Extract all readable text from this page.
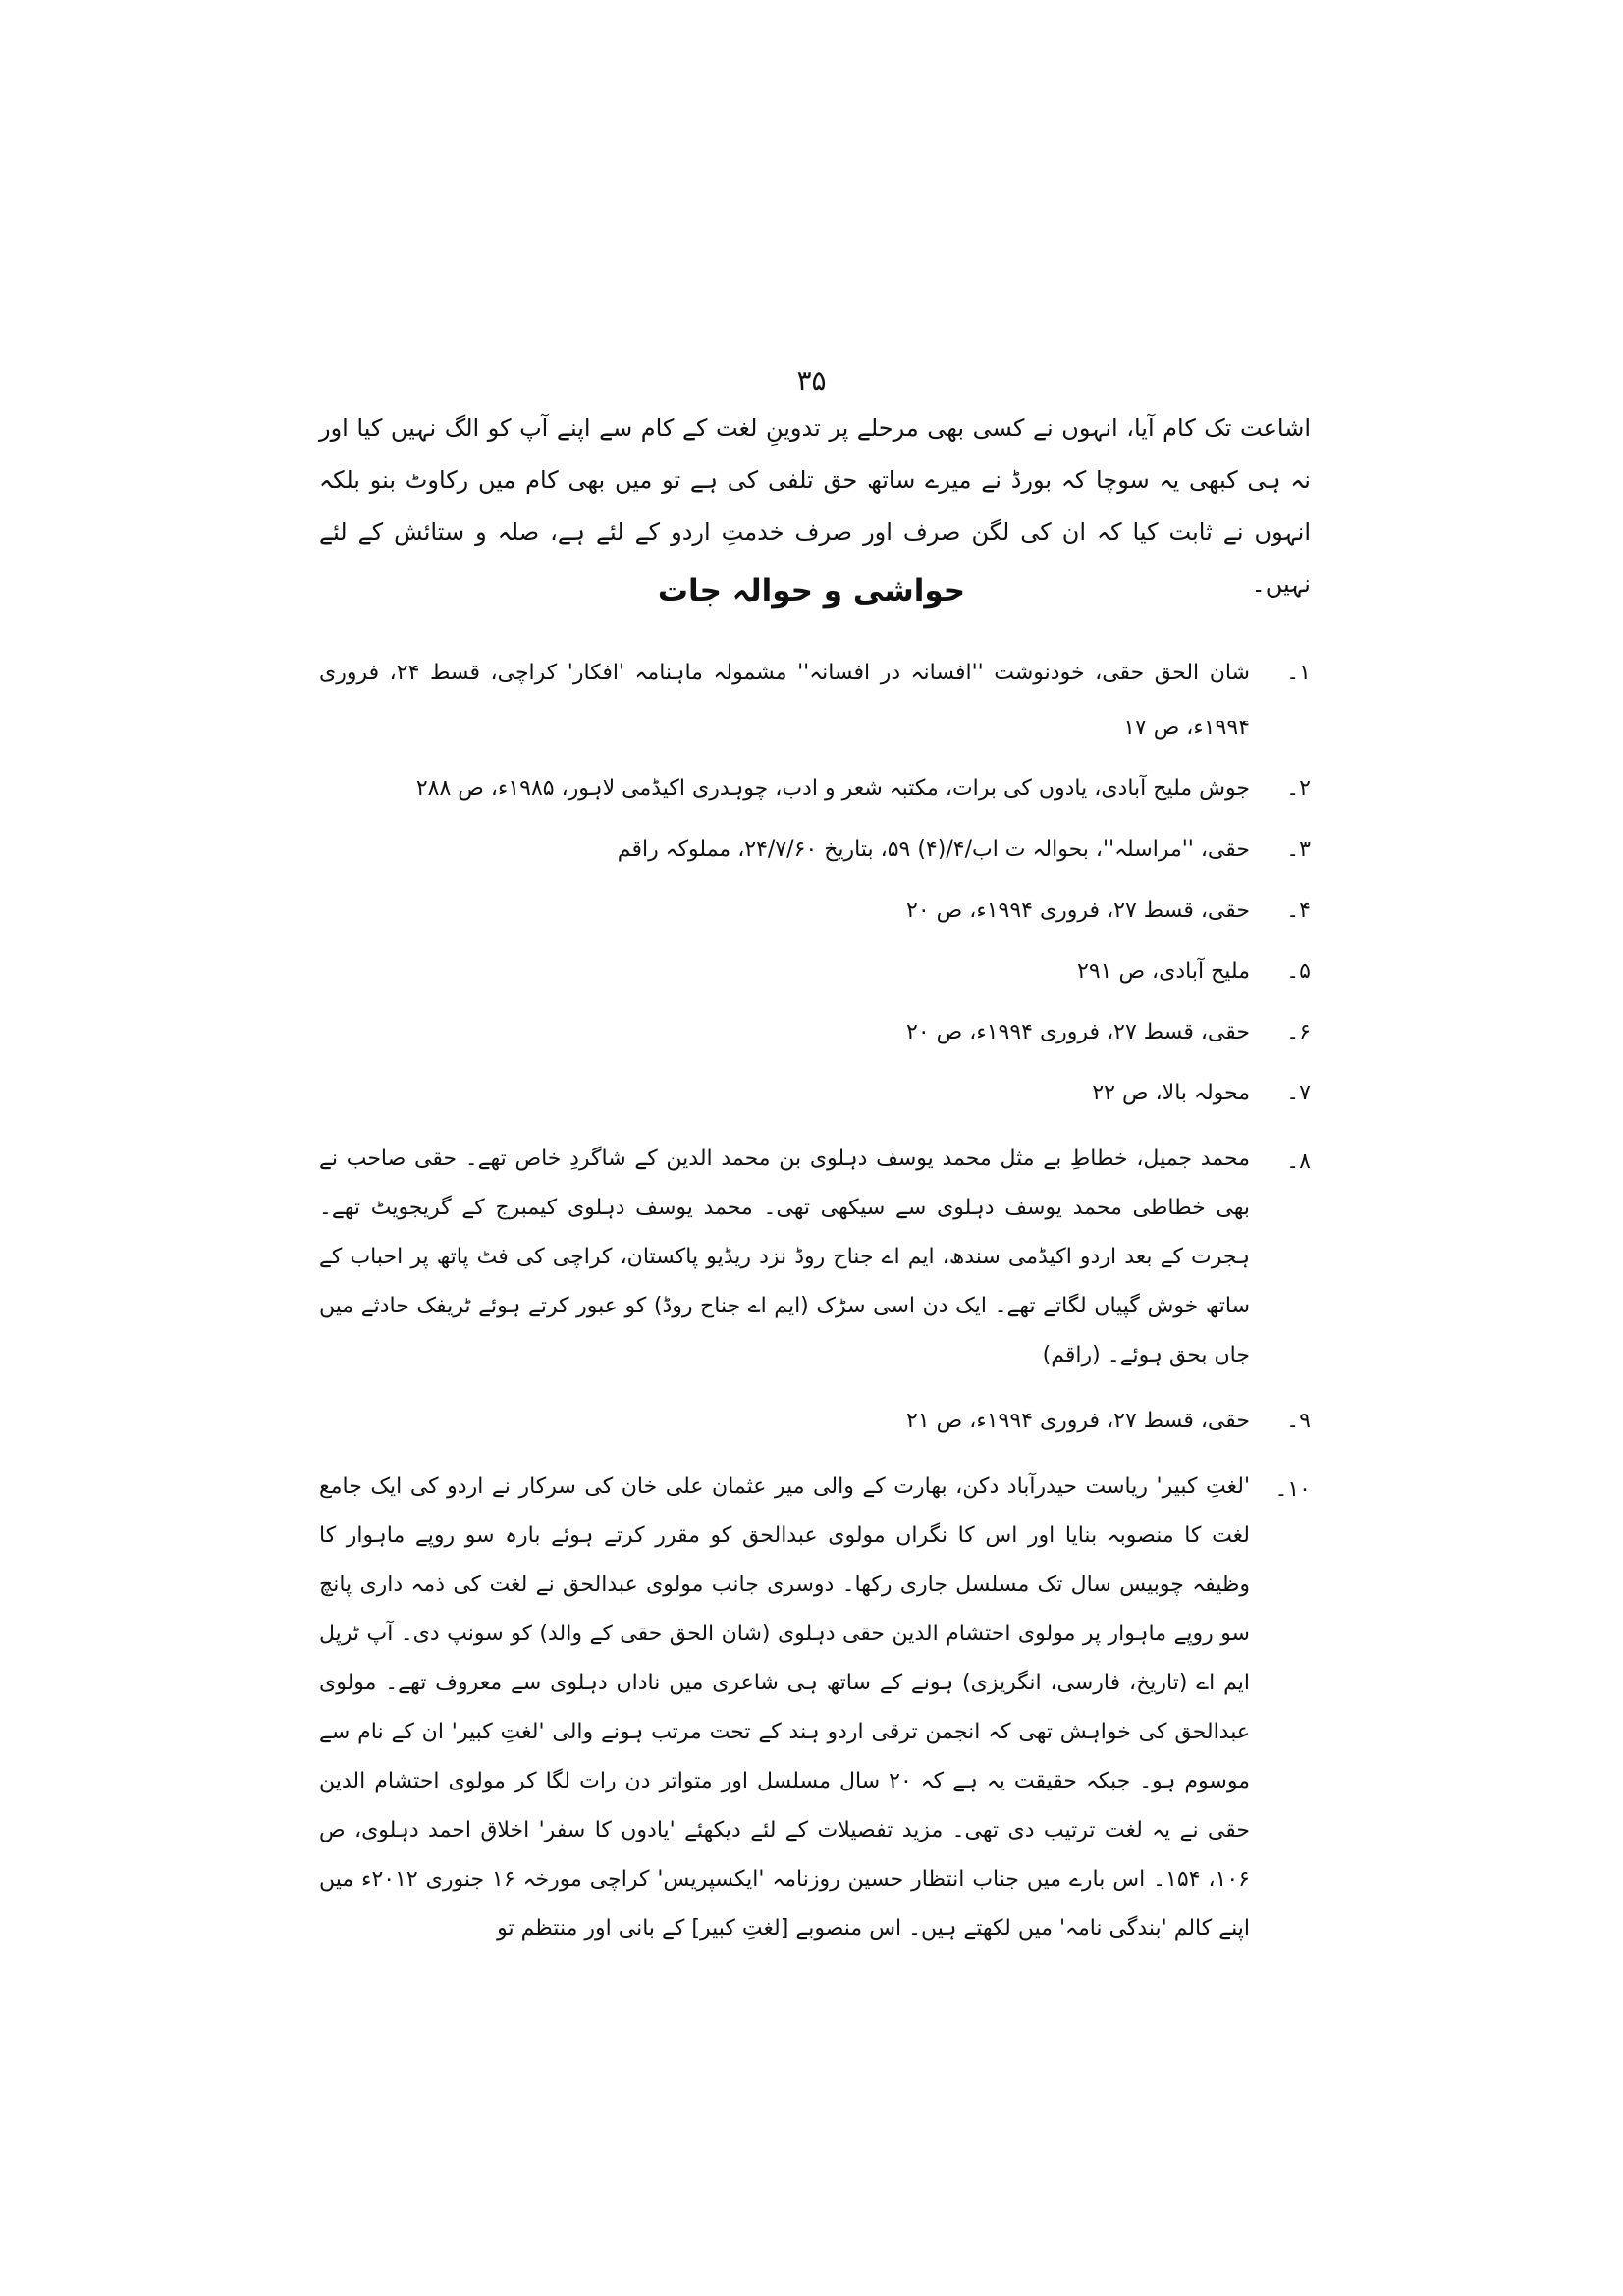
۳۵

اشاعت تک کام آیا، انہوں نے کسی بھی مرحلے پر تدوینِ لغت کے کام سے اپنے آپ کو الگ نہیں کیا اور نہ ہی کبھی یہ سوچا کہ بورڈ نے میرے ساتھ حق تلفی کی ہے تو میں بھی کام میں رکاوٹ بنو بلکہ انہوں نے ثابت کیا کہ ان کی لگن صرف اور صرف خدمتِ اردو کے لئے ہے، صلہ و ستائش کے لئے نہیں۔

حواشی و حوالہ جات
۱۔
شان الحق حقی، خودنوشت ''افسانہ در افسانہ'' مشمولہ ماہنامہ 'افکار' کراچی، قسط ۲۴، فروری ۱۹۹۴ء، ص ۱۷
۲۔
جوش ملیح آبادی، یادوں کی برات، مکتبہ شعر و ادب، چوہدری اکیڈمی لاہور، ۱۹۸۵ء، ص ۲۸۸
۳۔
حقی، ''مراسلہ''، بحوالہ ت اب/۴/(۴) ۵۹، بتاریخ ۲۴/۷/۶۰، مملوکہ راقم
۴۔
حقی، قسط ۲۷، فروری ۱۹۹۴ء، ص ۲۰
۵۔
ملیح آبادی، ص ۲۹۱
۶۔
حقی، قسط ۲۷، فروری ۱۹۹۴ء، ص ۲۰
۷۔
محولہ بالا، ص ۲۲
۸۔
محمد جمیل، خطاطِ بے مثل محمد یوسف دہلوی بن محمد الدین کے شاگردِ خاص تھے۔ حقی صاحب نے بھی خطاطی محمد یوسف دہلوی سے سیکھی تھی۔ محمد یوسف دہلوی کیمبرج کے گریجویٹ تھے۔ ہجرت کے بعد اردو اکیڈمی سندھ، ایم اے جناح روڈ نزد ریڈیو پاکستان، کراچی کی فٹ پاتھ پر احباب کے ساتھ خوش گپیاں لگاتے تھے۔ ایک دن اسی سڑک (ایم اے جناح روڈ) کو عبور کرتے ہوئے ٹریفک حادثے میں جاں بحق ہوئے۔ (راقم)
۹۔
حقی، قسط ۲۷، فروری ۱۹۹۴ء، ص ۲۱
۱۰۔
'لغتِ کبیر' ریاست حیدرآباد دکن، بھارت کے والی میر عثمان علی خان کی سرکار نے اردو کی ایک جامع لغت کا منصوبہ بنایا اور اس کا نگراں مولوی عبدالحق کو مقرر کرتے ہوئے بارہ سو روپے ماہوار کا وظیفہ چوبیس سال تک مسلسل جاری رکھا۔ دوسری جانب مولوی عبدالحق نے لغت کی ذمہ داری پانچ سو روپے ماہوار پر مولوی احتشام الدین حقی دہلوی (شان الحق حقی کے والد) کو سونپ دی۔ آپ ٹرپل ایم اے (تاریخ، فارسی، انگریزی) ہونے کے ساتھ ہی شاعری میں ناداں دہلوی سے معروف تھے۔ مولوی عبدالحق کی خواہش تھی کہ انجمن ترقی اردو ہند کے تحت مرتب ہونے والی 'لغتِ کبیر' ان کے نام سے موسوم ہو۔ جبکہ حقیقت یہ ہے کہ ۲۰ سال مسلسل اور متواتر دن رات لگا کر مولوی احتشام الدین حقی نے یہ لغت ترتیب دی تھی۔ مزید تفصیلات کے لئے دیکھئے 'یادوں کا سفر' اخلاق احمد دہلوی، ص ۱۰۶، ۱۵۴۔ اس بارے میں جناب انتظار حسین روزنامہ 'ایکسپریس' کراچی مورخہ ۱۶ جنوری ۲۰۱۲ء میں اپنے کالم 'بندگی نامہ' میں لکھتے ہیں۔ اس منصوبے [لغتِ کبیر] کے بانی اور منتظم تو
